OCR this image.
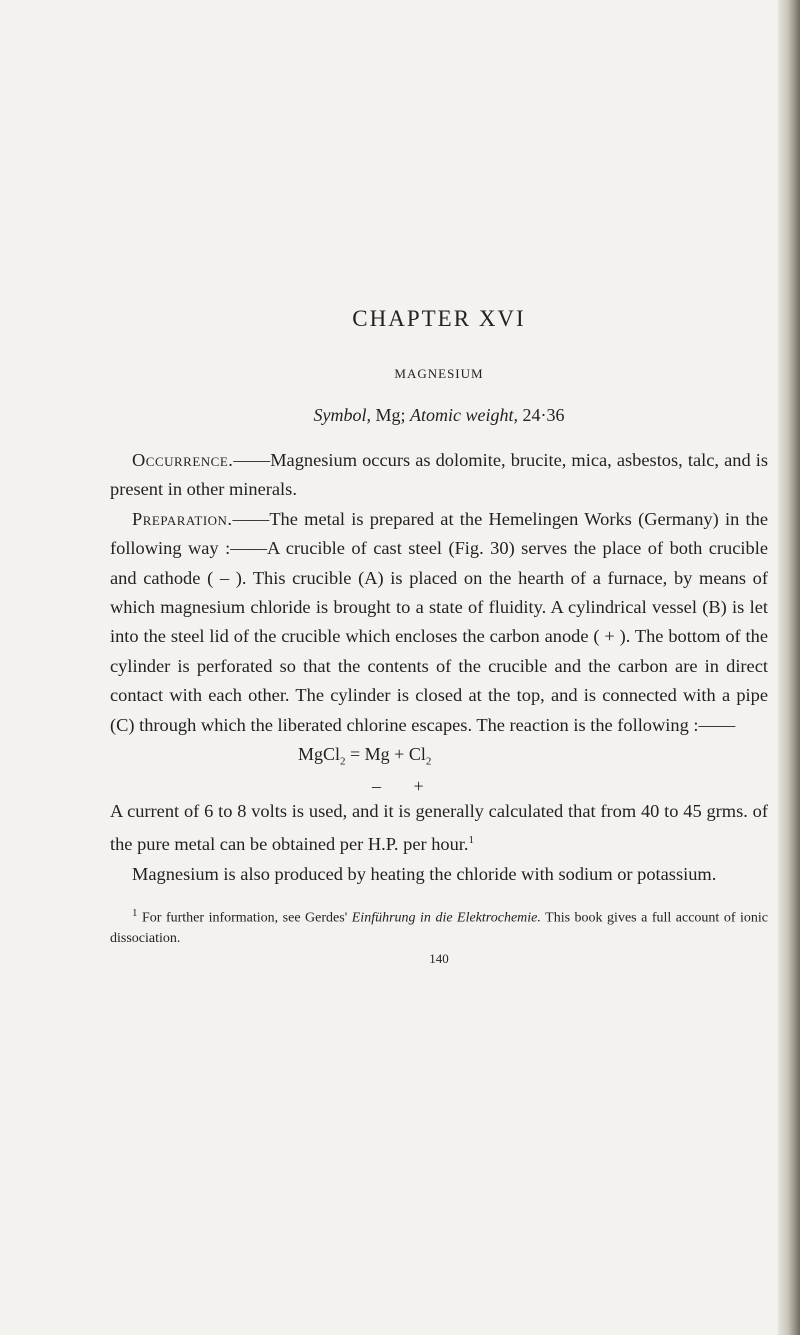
CHAPTER XVI
MAGNESIUM
Symbol, Mg; Atomic weight, 24·36

Occurrence.——Magnesium occurs as dolomite, brucite, mica, asbestos, talc, and is present in other minerals.

Preparation.——The metal is prepared at the Hemelingen Works (Germany) in the following way :——A crucible of cast steel (Fig. 30) serves the place of both crucible and cathode ( – ). This crucible (A) is placed on the hearth of a furnace, by means of which magnesium chloride is brought to a state of fluidity. A cylindrical vessel (B) is let into the steel lid of the crucible which encloses the carbon anode ( + ). The bottom of the cylinder is perforated so that the contents of the crucible and the carbon are in direct contact with each other. The cylinder is closed at the top, and is connected with a pipe (C) through which the liberated chlorine escapes. The reaction is the following :——

MgCl$_2$ = $Mg + Cl_2$
– +

A current of 6 to 8 volts is used, and it is generally calculated that from 40 to 45 grms. of the pure metal can be obtained per H.P. per hour.$^1$

Magnesium is also produced by heating the chloride with sodium or potassium.

$^1$ For further information, see Gerdes' Einführung in die Elektrochemie. This book gives a full account of ionic dissociation.
140
